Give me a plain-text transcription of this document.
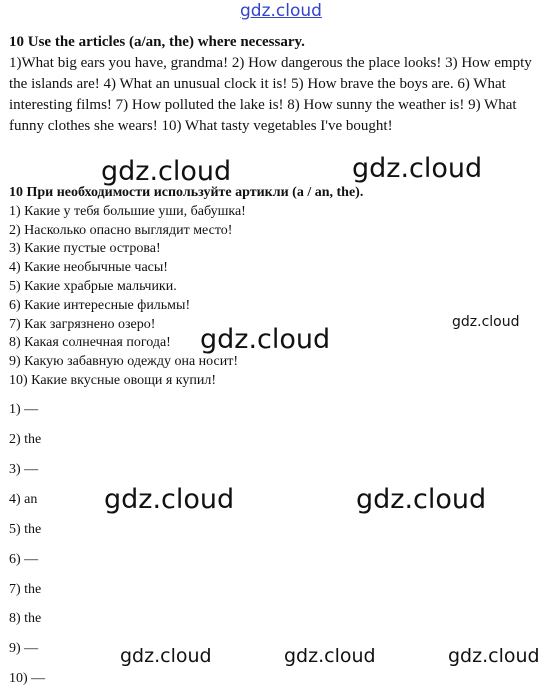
gdz.cloud
10 Use the articles (a/an, the) where necessary.
1)What big ears you have, grandma! 2) How dangerous the place looks! 3) How empty the islands are! 4) What an unusual clock it is! 5) How brave the boys are. 6) What interesting films! 7) How polluted the lake is! 8) How sunny the weather is! 9) What funny clothes she wears! 10) What tasty vegetables I've bought!
gdz.cloud	gdz.cloud
10 При необходимости используйте артикли (a / an, the).
1) Какие у тебя большие уши, бабушка!
2) Насколько опасно выглядит место!
3) Какие пустые острова!
4) Какие необычные часы!
5) Какие храбрые мальчики.
6) Какие интересные фильмы!
7) Как загрязнено озеро!
8) Какая солнечная погода!
9) Какую забавную одежду она носит!
10) Какие вкусные овощи я купил!
gdz.cloud
gdz.cloud
1) —
2) the
3) —
4) an
5) the
6) —
7) the
8) the
9) —
10) —
gdz.cloud	gdz.cloud
gdz.cloud	gdz.cloud	gdz.cloud
